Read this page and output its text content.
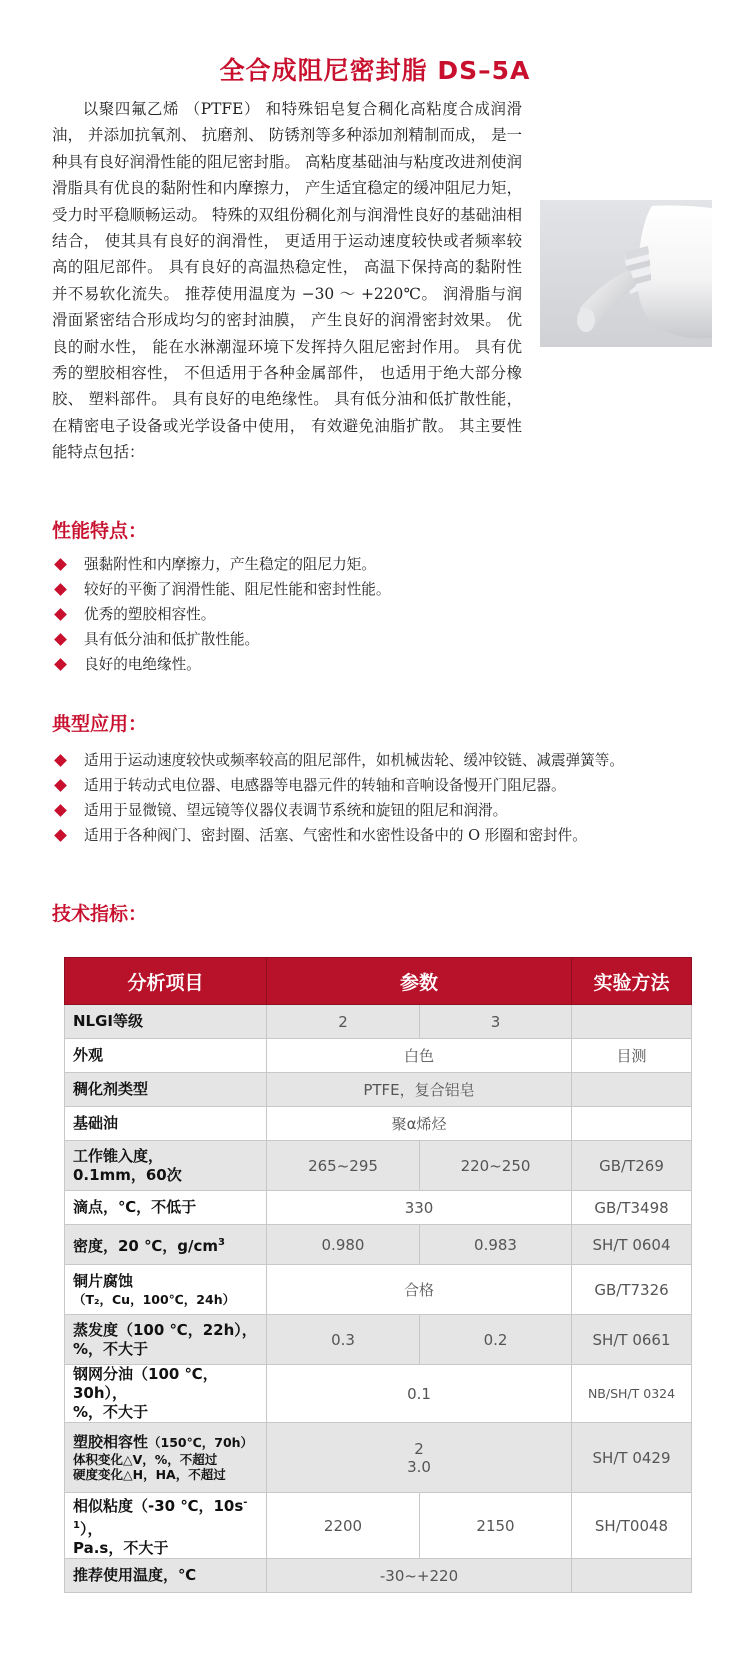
全合成阻尼密封脂 DS–5A

以聚四氟乙烯 （PTFE） 和特殊铝皂复合稠化高粘度合成润滑油， 并添加抗氧剂、 抗磨剂、 防锈剂等多种添加剂精制而成， 是一种具有良好润滑性能的阻尼密封脂。 高粘度基础油与粘度改进剂使润滑脂具有优良的黏附性和内摩擦力， 产生适宜稳定的缓冲阻尼力矩， 受力时平稳顺畅运动。 特殊的双组份稠化剂与润滑性良好的基础油相结合， 使其具有良好的润滑性， 更适用于运动速度较快或者频率较高的阻尼部件。 具有良好的高温热稳定性， 高温下保持高的黏附性并不易软化流失。 推荐使用温度为 −30 ～ +220℃。 润滑脂与润滑面紧密结合形成均匀的密封油膜， 产生良好的润滑密封效果。 优良的耐水性， 能在水淋潮湿环境下发挥持久阻尼密封作用。 具有优秀的塑胶相容性， 不但适用于各种金属部件， 也适用于绝大部分橡胶、 塑料部件。 具有良好的电绝缘性。 具有低分油和低扩散性能， 在精密电子设备或光学设备中使用， 有效避免油脂扩散。 其主要性能特点包括：

性能特点：
强黏附性和内摩擦力，产生稳定的阻尼力矩。
较好的平衡了润滑性能、阻尼性能和密封性能。
优秀的塑胶相容性。
具有低分油和低扩散性能。
良好的电绝缘性。
典型应用：
适用于运动速度较快或频率较高的阻尼部件，如机械齿轮、缓冲铰链、减震弹簧等。
适用于转动式电位器、电感器等电器元件的转轴和音响设备慢开门阻尼器。
适用于显微镜、望远镜等仪器仪表调节系统和旋钮的阻尼和润滑。
适用于各种阀门、密封圈、活塞、气密性和水密性设备中的 O 形圈和密封件。
技术指标：
分析项目	参数		实验方法
NLGI等级	2	3	
外观	白色		目测
稠化剂类型	PTFE，复合铝皂		
基础油	聚α烯烃		
工作锥入度，
0.1mm，60次	265~295	220~250	GB/T269
滴点，℃，不低于	330		GB/T3498
密度，20 ℃，$g/cm^3$	0.980	0.983	SH/T 0604
铜片腐蚀
（T₂，Cu，100℃，24h）	合格		GB/T7326
蒸发度（100 ℃，22h），
%，不大于	0.3	0.2	SH/T 0661
钢网分油（100 ℃，30h），
%，不大于	0.1		NB/SH/T 0324
塑胶相容性（150℃，70h）
体积变化△V，%，不超过
硬度变化△H，HA，不超过	2
3.0		SH/T 0429
相似粘度（-30 ℃，$10s^{-1}$），
Pa.s，不大于	2200	2150	SH/T0048
推荐使用温度，℃	-30~+220		
